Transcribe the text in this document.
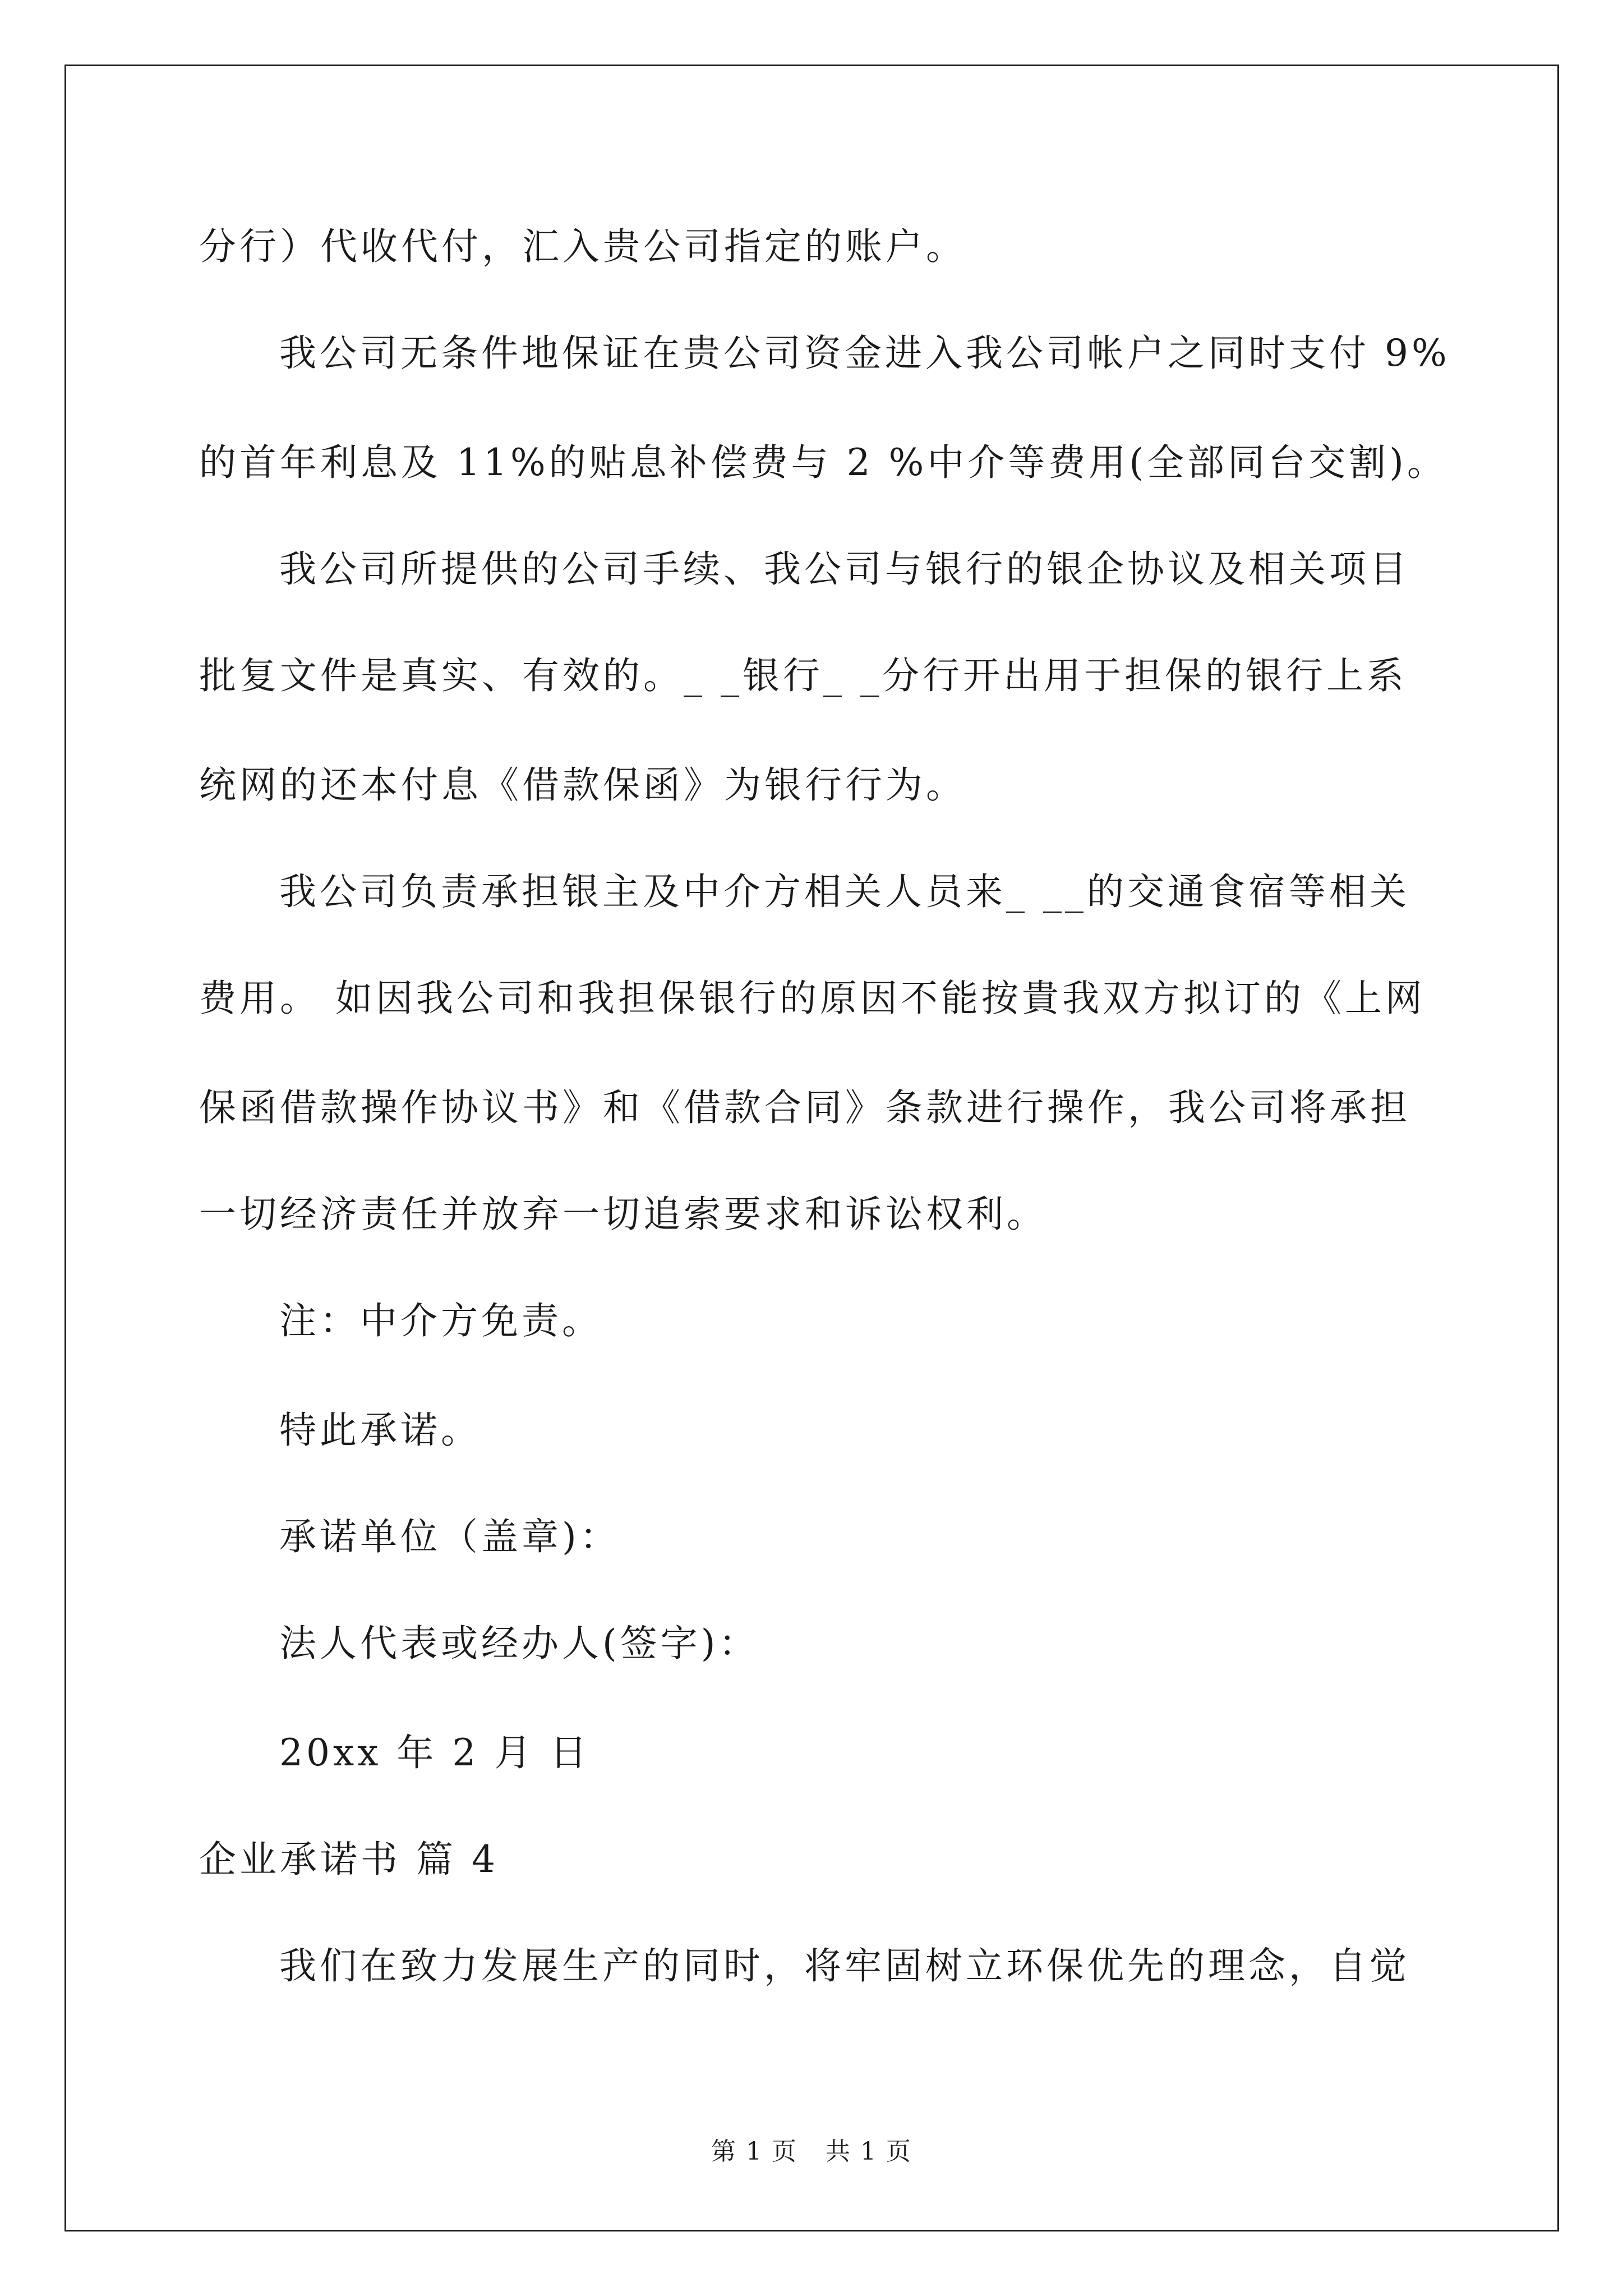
分行）代收代付，汇入贵公司指定的账户。
我公司无条件地保证在贵公司资金进入我公司帐户之同时支付 9%
的首年利息及 11%的贴息补偿费与 2 %中介等费用(全部同台交割)。
我公司所提供的公司手续、我公司与银行的银企协议及相关项目
批复文件是真实、有效的。_ _银行_ _分行开出用于担保的银行上系
统网的还本付息《借款保函》为银行行为。
我公司负责承担银主及中介方相关人员来_ __的交通食宿等相关
费用。 如因我公司和我担保银行的原因不能按貴我双方拟订的《上网
保函借款操作协议书》和《借款合同》条款进行操作，我公司将承担
一切经济责任并放弃一切追索要求和诉讼权利。
注：中介方免责。
特此承诺。
承诺单位（盖章)：
法人代表或经办人(签字)：
20xx 年 2 月 日
企业承诺书 篇 4
我们在致力发展生产的同时，将牢固树立环保优先的理念，自觉
第 1 页 共 1 页
